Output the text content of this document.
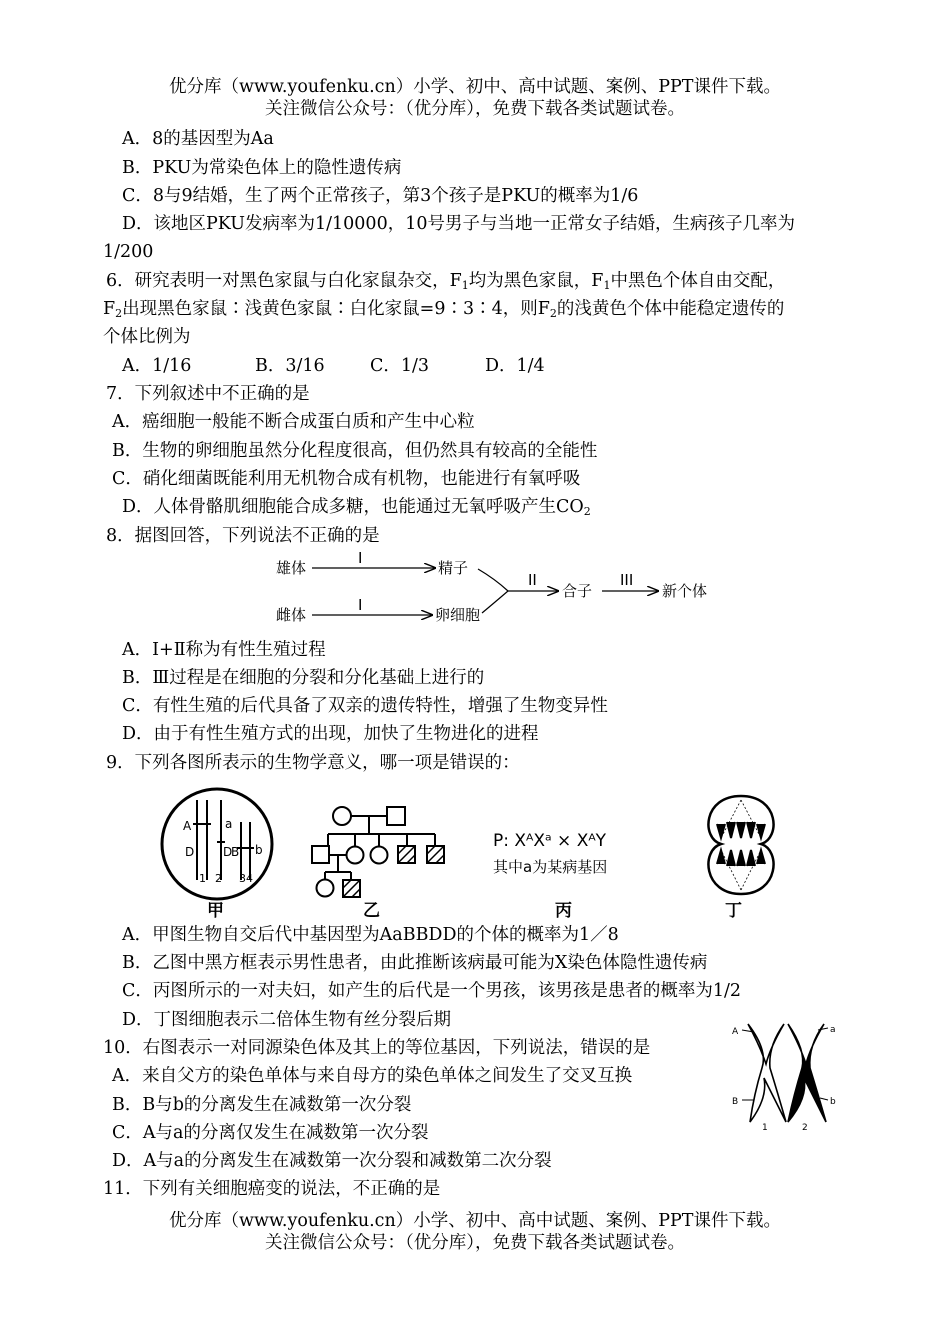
优分库（www.youfenku.cn）小学、初中、高中试题、案例、PPT课件下载。
关注微信公众号：（优分库），免费下载各类试题试卷。
A．8的基因型为Aa
B．PKU为常染色体上的隐性遗传病
C．8与9结婚，生了两个正常孩子，第3个孩子是PKU的概率为1/6
D．该地区PKU发病率为1/10000，10号男子与当地一正常女子结婚，生病孩子几率为
1/200
6．研究表明一对黑色家鼠与白化家鼠杂交，$F_1$均为黑色家鼠，$F_1$中黑色个体自由交配，
$F_2$出现黑色家鼠∶浅黄色家鼠∶白化家鼠=9∶3∶4，则$F_2$的浅黄色个体中能稳定遗传的
个体比例为
A．1/16	B．3/16	C．1/3	D．1/4
7．下列叙述中不正确的是
A．癌细胞一般能不断合成蛋白质和产生中心粒
B．生物的卵细胞虽然分化程度很高，但仍然具有较高的全能性
C．硝化细菌既能利用无机物合成有机物，也能进行有氧呼吸
D．人体骨骼肌细胞能合成多糖，也能通过无氧呼吸产生$CO_2$
8．据图回答，下列说法不正确的是
雄体
I
精子
雌体
I
卵细胞
II
合子
III
新个体
A．I+Ⅱ称为有性生殖过程
B．Ⅲ过程是在细胞的分裂和分化基础上进行的
C．有性生殖的后代具备了双亲的遗传特性，增强了生物变异性
D．由于有性生殖方式的出现，加快了生物进化的进程
9．下列各图所表示的生物学意义，哪一项是错误的：
A	a
D D
B b
1 2 34
甲	乙
P: XᴬXᵃ × XᴬY
其中a为某病基因
丙	丁
A．甲图生物自交后代中基因型为AaBBDD的个体的概率为1／8
B．乙图中黑方框表示男性患者，由此推断该病最可能为X染色体隐性遗传病
C．丙图所示的一对夫妇，如产生的后代是一个男孩，该男孩是患者的概率为1/2
D．丁图细胞表示二倍体生物有丝分裂后期
10．右图表示一对同源染色体及其上的等位基因，下列说法，错误的是
A．来自父方的染色单体与来自母方的染色单体之间发生了交叉互换
B．B与b的分离发生在减数第一次分裂
C．A与a的分离仅发生在减数第一次分裂
D．A与a的分离发生在减数第一次分裂和减数第二次分裂
A
B
1
a
b
2
11．下列有关细胞癌变的说法，不正确的是
优分库（www.youfenku.cn）小学、初中、高中试题、案例、PPT课件下载。
关注微信公众号：（优分库），免费下载各类试题试卷。
